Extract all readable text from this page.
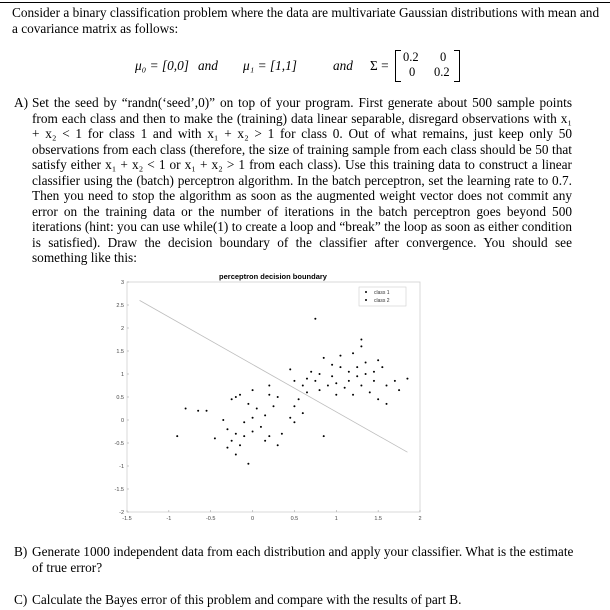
Consider a binary classification problem where the data are multivariate Gaussian distributions with mean and a covariance matrix as follows:
μ₀ = [0,0] and μ₁ = [1,1]	and Σ =
0.2 0
0 0.2
A) Set the seed by “randn(‘seed’,0)” on top of your program. First generate about 500 sample points from each class and then to make the (training) data linear separable, disregard observations with x₁ + x₂ < 1 for class 1 and with x₁ + x₂ > 1 for class 0. Out of what remains, just keep only 50 observations from each class (therefore, the size of training sample from each class should be 50 that satisfy either x₁ + x₂ < 1 or x₁ + x₂ > 1 from each class). Use this training data to construct a linear classifier using the (batch) perceptron algorithm. In the batch perceptron, set the learning rate to 0.7. Then you need to stop the algorithm as soon as the augmented weight vector does not commit any error on the training data or the number of iterations in the batch perceptron goes beyond 500 iterations (hint: you can use while(1) to create a loop and “break” the loop as soon as either condition is satisfied). Draw the decision boundary of the classifier after convergence. You should see something like this:
perceptron decision boundary
-2
-1.5
-1
-0.5
0
0.5
1
1.5
2
2.5
3
-1.5	-1	-0.5	0	0.5	1	1.5	2
class 1
class 2
B) Generate 1000 independent data from each distribution and apply your classifier. What is the estimate of true error?
C) Calculate the Bayes error of this problem and compare with the results of part B.
